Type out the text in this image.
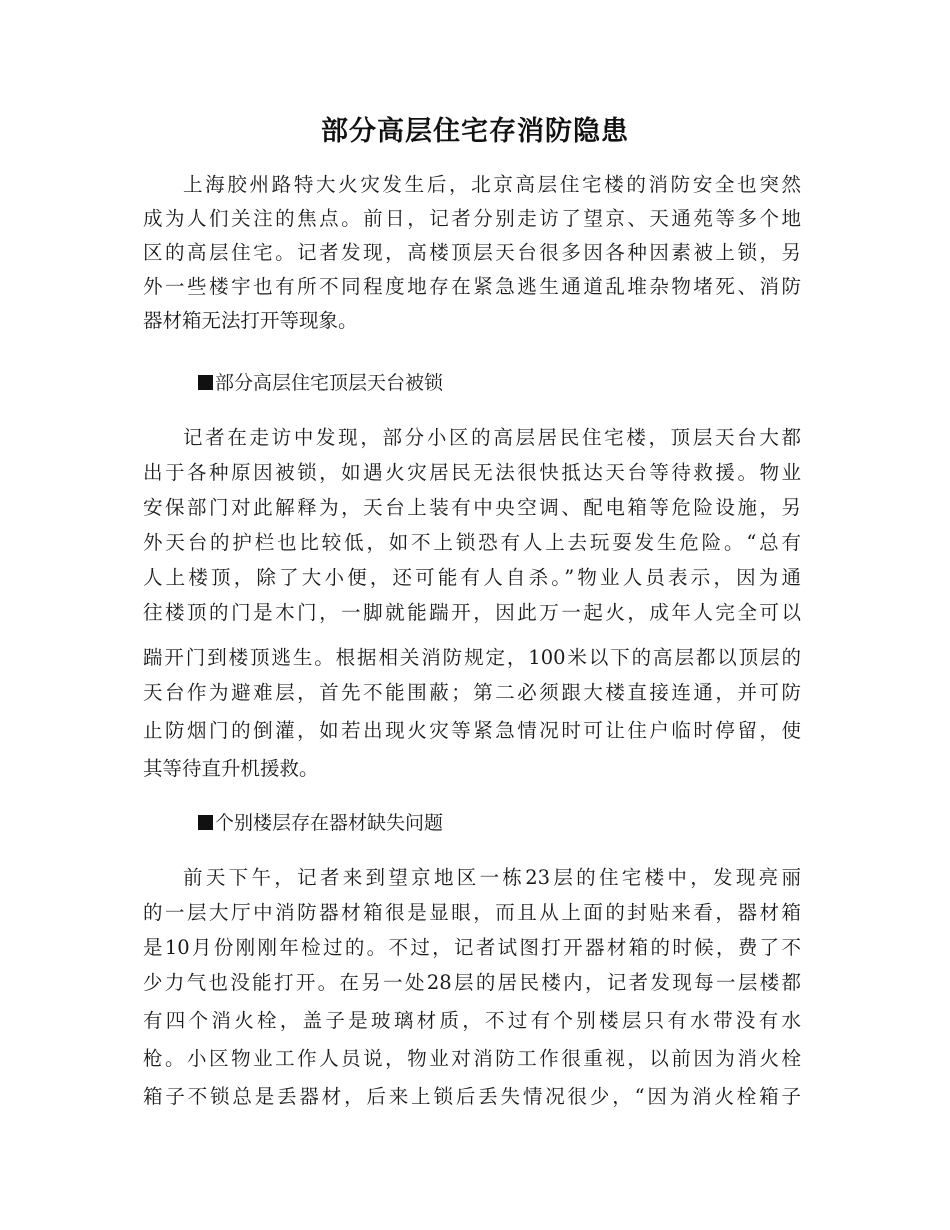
部分高层住宅存消防隐患
上海胶州路特大火灾发生后，北京高层住宅楼的消防安全也突然
成为人们关注的焦点。前日，记者分别走访了望京、天通苑等多个地
区的高层住宅。记者发现，高楼顶层天台很多因各种因素被上锁，另
外一些楼宇也有所不同程度地存在紧急逃生通道乱堆杂物堵死、消防
器材箱无法打开等现象。
部分高层住宅顶层天台被锁
记者在走访中发现，部分小区的高层居民住宅楼，顶层天台大都
出于各种原因被锁，如遇火灾居民无法很快抵达天台等待救援。物业
安保部门对此解释为，天台上装有中央空调、配电箱等危险设施，另
外天台的护栏也比较低，如不上锁恐有人上去玩耍发生危险。“总有
人上楼顶，除了大小便，还可能有人自杀。”物业人员表示，因为通
往楼顶的门是木门，一脚就能踹开，因此万一起火，成年人完全可以
踹开门到楼顶逃生。根据相关消防规定，100米以下的高层都以顶层的
天台作为避难层，首先不能围蔽；第二必须跟大楼直接连通，并可防
止防烟门的倒灌，如若出现火灾等紧急情况时可让住户临时停留，使
其等待直升机援救。
个别楼层存在器材缺失问题
前天下午，记者来到望京地区一栋23层的住宅楼中，发现亮丽
的一层大厅中消防器材箱很是显眼，而且从上面的封贴来看，器材箱
是10月份刚刚年检过的。不过，记者试图打开器材箱的时候，费了不
少力气也没能打开。在另一处28层的居民楼内，记者发现每一层楼都
有四个消火栓，盖子是玻璃材质，不过有个别楼层只有水带没有水
枪。小区物业工作人员说，物业对消防工作很重视，以前因为消火栓
箱子不锁总是丢器材，后来上锁后丢失情况很少，“因为消火栓箱子
